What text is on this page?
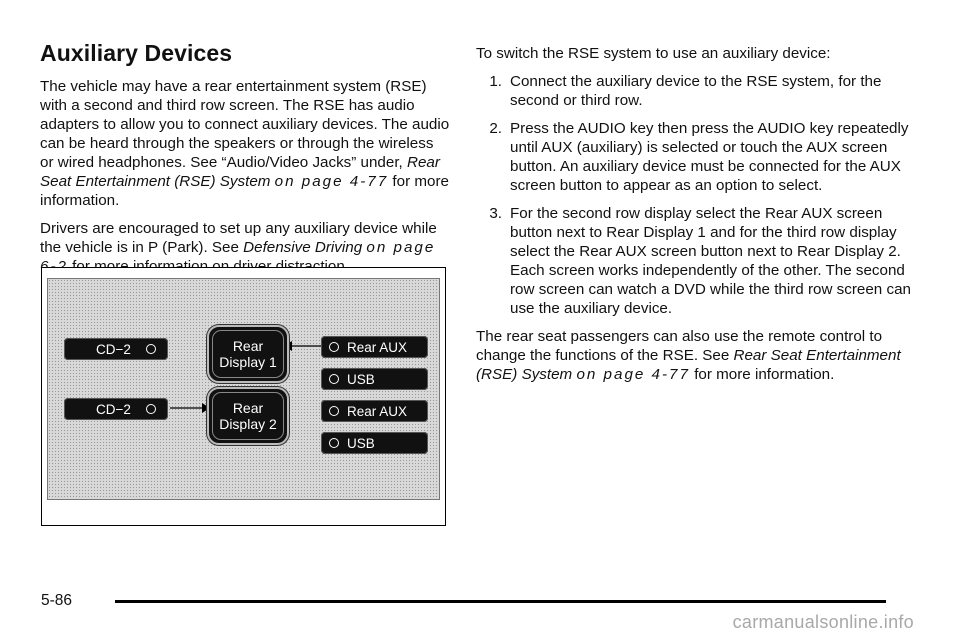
Auxiliary Devices

The vehicle may have a rear entertainment system (RSE) with a second and third row screen. The RSE has audio adapters to allow you to connect auxiliary devices. The audio can be heard through the speakers or through the wireless or wired headphones. See “Audio/Video Jacks” under, Rear Seat Entertainment (RSE) System on page 4-77 for more information.

Drivers are encouraged to set up any auxiliary device while the vehicle is in P (Park). See Defensive Driving on page

CD−2
CD−2
Rear
Display 1
Rear
Display 2
Rear AUX
USB
Rear AUX
USB

To switch the RSE system to use an auxiliary device:

1. Connect the auxiliary device to the RSE system, for the second or third row.
2. Press the AUDIO key then press the AUDIO key repeatedly until AUX (auxiliary) is selected or touch the AUX screen button. An auxiliary device must be connected for the AUX screen button to appear as an option to select.
3. For the second row display select the Rear AUX screen button next to Rear Display 1 and for the third row display select the Rear AUX screen button next to Rear Display 2. Each screen works independently of the other. The second row screen can watch a DVD while the third row screen can use the auxiliary device.

The rear seat passengers can also use the remote control to change the functions of the RSE. See Rear Seat Entertainment (RSE) System on page 4-77 for more information.

5-86
carmanualsonline.info
